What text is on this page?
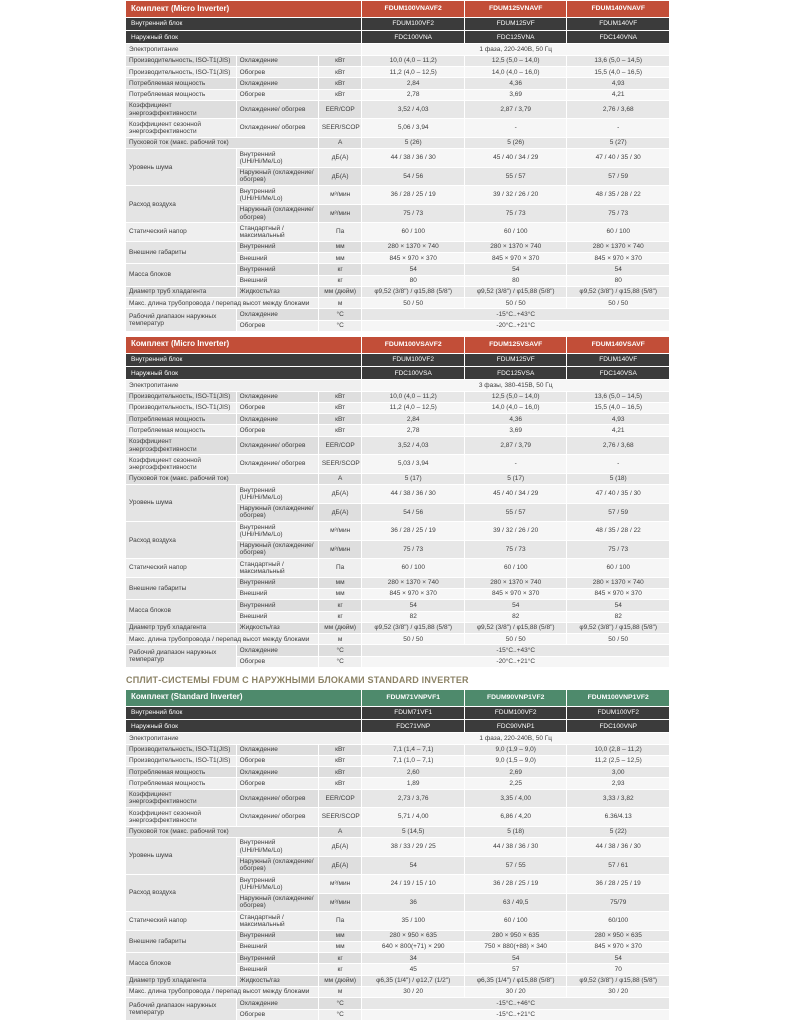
Комплект (Micro Inverter)			FDUM100VNAVF2	FDUM125VNAVF	FDUM140VNAVF
Внутренний блок			FDUM100VF2	FDUM125VF	FDUM140VF
Наружный блок			FDC100VNA	FDC125VNA	FDC140VNA
Электропитание			1 фаза, 220-240В, 50 Гц		
Производительность, ISO-T1(JIS)	Охлаждение	кВт	10,0 (4,0 – 11,2)	12,5 (5,0 – 14,0)	13,6 (5,0 – 14,5)
Производительность, ISO-T1(JIS)	Обогрев	кВт	11,2 (4,0 – 12,5)	14,0 (4,0 – 16,0)	15,5 (4,0 – 16,5)
Потребляемая мощность	Охлаждение	кВт	2,84	4,36	4,93
Потребляемая мощность	Обогрев	кВт	2,78	3,69	4,21
Коэффициент энергоэффективности	Охлаждение/ обогрев	EER/COP	3,52 / 4,03	2,87 / 3,79	2,76 / 3,68
Коэффициент сезонной энергоэффективности	Охлаждение/ обогрев	SEER/SCOP	5,06 / 3,94	-	-
Пусковой ток (макс. рабочий ток)		А	5 (26)	5 (26)	5 (27)
Уровень шума	Внутренний (UHi/Hi/Me/Lo)	дБ(А)	44 / 38 / 36 / 30	45 / 40 / 34 / 29	47 / 40 / 35 / 30
	Наружный (охлаждение/обогрев)	дБ(А)	54 / 56	55 / 57	57 / 59
Расход воздуха	Внутренний (UHi/Hi/Me/Lo)	м³/мин	36 / 28 / 25 / 19	39 / 32 / 26 / 20	48 / 35 / 28 / 22
	Наружный (охлаждение/обогрев)	м³/мин	75 / 73	75 / 73	75 / 73
Статический напор	Стандартный / максимальный	Па	60 / 100	60 / 100	60 / 100
Внешние габариты	Внутренний	мм	280 × 1370 × 740	280 × 1370 × 740	280 × 1370 × 740
	Внешний	мм	845 × 970 × 370	845 × 970 × 370	845 × 970 × 370
Масса блоков	Внутренний	кг	54	54	54
	Внешний	кг	80	80	80
Диаметр труб хладагента	Жидкость/газ	мм (дюйм)	φ9,52 (3/8") / φ15,88 (5/8")	φ9,52 (3/8") / φ15,88 (5/8")	φ9,52 (3/8") / φ15,88 (5/8")
Макс. длина трубопровода / перепад высот между блоками		м	50 / 50	50 / 50	50 / 50
Рабочий диапазон наружных температур	Охлаждение	°С	-15°С..+43°С		
	Обогрев	°С	-20°С..+21°С		
Комплект (Micro Inverter)			FDUM100VSAVF2	FDUM125VSAVF	FDUM140VSAVF
Внутренний блок			FDUM100VF2	FDUM125VF	FDUM140VF
Наружный блок			FDC100VSA	FDC125VSA	FDC140VSA
Электропитание			3 фазы, 380-415В, 50 Гц		
Производительность, ISO-T1(JIS)	Охлаждение	кВт	10,0 (4,0 – 11,2)	12,5 (5,0 – 14,0)	13,6 (5,0 – 14,5)
Производительность, ISO-T1(JIS)	Обогрев	кВт	11,2 (4,0 – 12,5)	14,0 (4,0 – 16,0)	15,5 (4,0 – 16,5)
Потребляемая мощность	Охлаждение	кВт	2,84	4,36	4,93
Потребляемая мощность	Обогрев	кВт	2,78	3,69	4,21
Коэффициент энергоэффективности	Охлаждение/ обогрев	EER/COP	3,52 / 4,03	2,87 / 3,79	2,76 / 3,68
Коэффициент сезонной энергоэффективности	Охлаждение/ обогрев	SEER/SCOP	5,03 / 3,94	-	-
Пусковой ток (макс. рабочий ток)		А	5 (17)	5 (17)	5 (18)
Уровень шума	Внутренний (UHi/Hi/Me/Lo)	дБ(А)	44 / 38 / 36 / 30	45 / 40 / 34 / 29	47 / 40 / 35 / 30
	Наружный (охлаждение/обогрев)	дБ(А)	54 / 56	55 / 57	57 / 59
Расход воздуха	Внутренний (UHi/Hi/Me/Lo)	м³/мин	36 / 28 / 25 / 19	39 / 32 / 26 / 20	48 / 35 / 28 / 22
	Наружный (охлаждение/обогрев)	м³/мин	75 / 73	75 / 73	75 / 73
Статический напор	Стандартный / максимальный	Па	60 / 100	60 / 100	60 / 100
Внешние габариты	Внутренний	мм	280 × 1370 × 740	280 × 1370 × 740	280 × 1370 × 740
	Внешний	мм	845 × 970 × 370	845 × 970 × 370	845 × 970 × 370
Масса блоков	Внутренний	кг	54	54	54
	Внешний	кг	82	82	82
Диаметр труб хладагента	Жидкость/газ	мм (дюйм)	φ9,52 (3/8") / φ15,88 (5/8")	φ9,52 (3/8") / φ15,88 (5/8")	φ9,52 (3/8") / φ15,88 (5/8")
Макс. длина трубопровода / перепад высот между блоками		м	50 / 50	50 / 50	50 / 50
Рабочий диапазон наружных температур	Охлаждение	°С	-15°С..+43°С		
	Обогрев	°С	-20°С..+21°С		
СПЛИТ-СИСТЕМЫ FDUM С НАРУЖНЫМИ БЛОКАМИ STANDARD INVERTER
Комплект (Standard Inverter)			FDUM71VNPVF1	FDUM90VNP1VF2	FDUM100VNP1VF2
Внутренний блок			FDUM71VF1	FDUM100VF2	FDUM100VF2
Наружный блок			FDC71VNP	FDC90VNP1	FDC100VNP
Электропитание			1 фаза, 220-240В, 50 Гц		
Производительность, ISO-T1(JIS)	Охлаждение	кВт	7,1 (1,4 – 7,1)	9,0 (1,9 – 9,0)	10,0 (2,8 – 11,2)
Производительность, ISO-T1(JIS)	Обогрев	кВт	7,1 (1,0 – 7,1)	9,0 (1,5 – 9,0)	11,2 (2,5 – 12,5)
Потребляемая мощность	Охлаждение	кВт	2,60	2,69	3,00
Потребляемая мощность	Обогрев	кВт	1,89	2,25	2,93
Коэффициент энергоэффективности	Охлаждение/ обогрев	EER/COP	2,73 / 3,76	3,35 / 4,00	3,33 / 3,82
Коэффициент сезонной энергоэффективности	Охлаждение/ обогрев	SEER/SCOP	5,71 / 4,00	6,86 / 4,20	6.36/4.13
Пусковой ток (макс. рабочий ток)		А	5 (14,5)	5 (18)	5 (22)
Уровень шума	Внутренний (UHi/Hi/Me/Lo)	дБ(А)	38 / 33 / 29 / 25	44 / 38 / 36 / 30	44 / 38 / 36 / 30
	Наружный (охлаждение/обогрев)	дБ(А)	54	57 / 55	57 / 61
Расход воздуха	Внутренний (UHi/Hi/Me/Lo)	м³/мин	24 / 19 / 15 / 10	36 / 28 / 25 / 19	36 / 28 / 25 / 19
	Наружный (охлаждение/обогрев)	м³/мин	36	63 / 49,5	75/79
Статический напор	Стандартный / максимальный	Па	35 / 100	60 / 100	60/100
Внешние габариты	Внутренний	мм	280 × 950 × 635	280 × 950 × 635	280 × 950 × 635
	Внешний	мм	640 × 800(+71) × 290	750 × 880(+88) × 340	845 × 970 × 370
Масса блоков	Внутренний	кг	34	54	54
	Внешний	кг	45	57	70
Диаметр труб хладагента	Жидкость/газ	мм (дюйм)	φ6,35 (1/4") / φ12,7 (1/2")	φ6,35 (1/4") / φ15,88 (5/8")	φ9,52 (3/8") / φ15,88 (5/8")
Макс. длина трубопровода / перепад высот между блоками		м	30 / 20	30 / 20	30 / 20
Рабочий диапазон наружных температур	Охлаждение	°С	-15°С..+46°С		
	Обогрев	°С	-15°С..+21°С		
